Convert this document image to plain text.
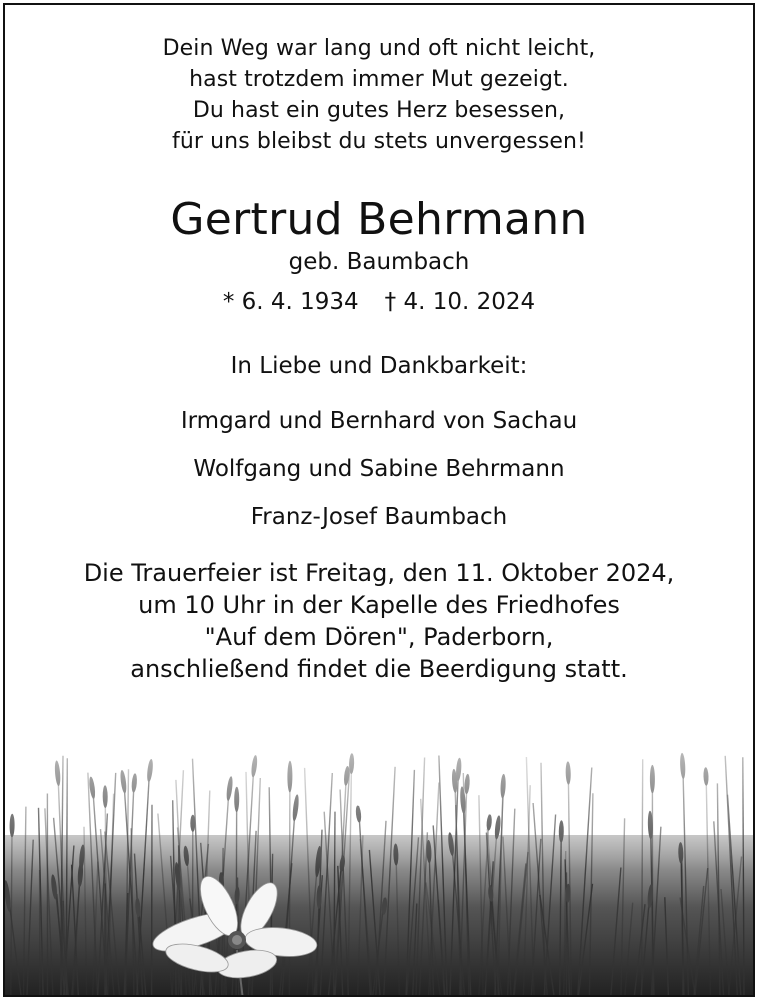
Dein Weg war lang und oft nicht leicht,
hast trotzdem immer Mut gezeigt.
Du hast ein gutes Herz besessen,
für uns bleibst du stets unvergessen!
Gertrud Behrmann
geb. Baumbach
* 6. 4. 1934 † 4. 10. 2024
In Liebe und Dankbarkeit:
Irmgard und Bernhard von Sachau
Wolfgang und Sabine Behrmann
Franz-Josef Baumbach
Die Trauerfeier ist Freitag, den 11. Oktober 2024,
um 10 Uhr in der Kapelle des Friedhofes
"Auf dem Dören", Paderborn,
anschließend findet die Beerdigung statt.
